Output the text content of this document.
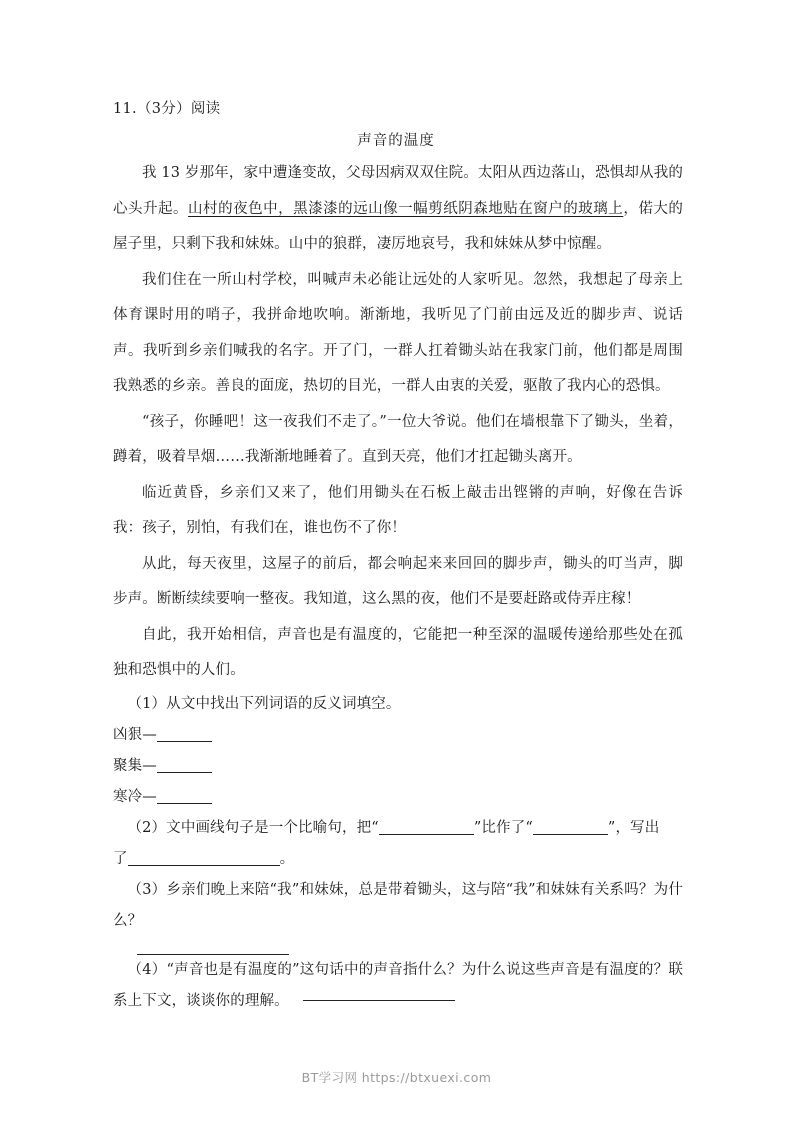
11.（3分）阅读
声音的温度

我 13 岁那年，家中遭逢变故，父母因病双双住院。太阳从西边落山，恐惧却从我的心头升起。山村的夜色中，黑漆漆的远山像一幅剪纸阴森地贴在窗户的玻璃上，偌大的屋子里，只剩下我和妹妹。山中的狼群，凄厉地哀号，我和妹妹从梦中惊醒。

我们住在一所山村学校，叫喊声未必能让远处的人家听见。忽然，我想起了母亲上体育课时用的哨子，我拼命地吹响。渐渐地，我听见了门前由远及近的脚步声、说话声。我听到乡亲们喊我的名字。开了门，一群人扛着锄头站在我家门前，他们都是周围我熟悉的乡亲。善良的面庞，热切的目光，一群人由衷的关爱，驱散了我内心的恐惧。

“孩子，你睡吧！这一夜我们不走了。”一位大爷说。他们在墙根靠下了锄头，坐着，蹲着，吸着旱烟……我渐渐地睡着了。直到天亮，他们才扛起锄头离开。

临近黄昏，乡亲们又来了，他们用锄头在石板上敲击出铿锵的声响，好像在告诉我：孩子，别怕，有我们在，谁也伤不了你！

从此，每天夜里，这屋子的前后，都会响起来来回回的脚步声，锄头的叮当声，脚步声。断断续续要响一整夜。我知道，这么黑的夜，他们不是要赶路或侍弄庄稼！

自此，我开始相信，声音也是有温度的，它能把一种至深的温暖传递给那些处在孤独和恐惧中的人们。

（1）从文中找出下列词语的反义词填空。

凶狠—

聚集—

寒冷—

（2）文中画线句子是一个比喻句，把“	”比作了“	”，写出

了	。

（3）乡亲们晚上来陪“我”和妹妹，总是带着锄头，这与陪“我”和妹妹有关系吗？为什么？

（4）“声音也是有温度的”这句话中的声音指什么？为什么说这些声音是有温度的？联系上下文，谈谈你的理解。

BT学习网 https://btxuexi.com
